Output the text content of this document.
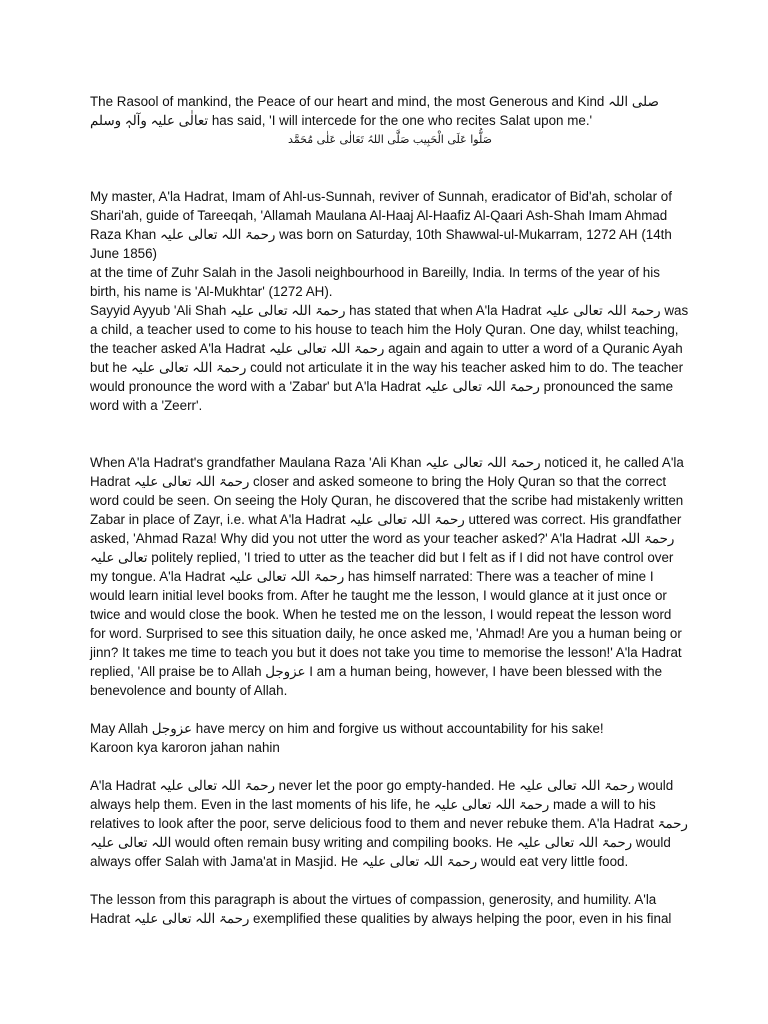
The Rasool of mankind, the Peace of our heart and mind, the most Generous and Kind صلی اللہ تعالٰی علیہ وآلہٖ وسلم has said, 'I will intercede for the one who recites Salat upon me.'

صَلُّوا عَلَی الْحَبِیب صَلَّی اللہُ تَعَالٰی عَلٰی مُحَمَّد

My master, A'la Hadrat, Imam of Ahl-us-Sunnah, reviver of Sunnah, eradicator of Bid'ah, scholar of Shari'ah, guide of Tareeqah, 'Allamah Maulana Al-Haaj Al-Haafiz Al-Qaari Ash-Shah Imam Ahmad Raza Khan رحمۃ اللہ تعالی علیہ was born on Saturday, 10th Shawwal-ul-Mukarram, 1272 AH (14th June 1856)

at the time of Zuhr Salah in the Jasoli neighbourhood in Bareilly, India. In terms of the year of his birth, his name is 'Al-Mukhtar' (1272 AH).

Sayyid Ayyub 'Ali Shah رحمۃ اللہ تعالی علیہ has stated that when A'la Hadrat رحمۃ اللہ تعالی علیہ was a child, a teacher used to come to his house to teach him the Holy Quran. One day, whilst teaching, the teacher asked A'la Hadrat رحمۃ اللہ تعالی علیہ again and again to utter a word of a Quranic Ayah but he رحمۃ اللہ تعالی علیہ could not articulate it in the way his teacher asked him to do. The teacher would pronounce the word with a 'Zabar' but A'la Hadrat رحمۃ اللہ تعالی علیہ pronounced the same word with a 'Zeerr'.

When A'la Hadrat's grandfather Maulana Raza 'Ali Khan رحمۃ اللہ تعالی علیہ noticed it, he called A'la Hadrat رحمۃ اللہ تعالی علیہ closer and asked someone to bring the Holy Quran so that the correct word could be seen. On seeing the Holy Quran, he discovered that the scribe had mistakenly written Zabar in place of Zayr, i.e. what A'la Hadrat رحمۃ اللہ تعالی علیہ uttered was correct. His grandfather asked, 'Ahmad Raza! Why did you not utter the word as your teacher asked?' A'la Hadrat رحمۃ اللہ تعالی علیہ politely replied, 'I tried to utter as the teacher did but I felt as if I did not have control over my tongue. A'la Hadrat رحمۃ اللہ تعالی علیہ has himself narrated: There was a teacher of mine I would learn initial level books from. After he taught me the lesson, I would glance at it just once or twice and would close the book. When he tested me on the lesson, I would repeat the lesson word for word. Surprised to see this situation daily, he once asked me, 'Ahmad! Are you a human being or jinn? It takes me time to teach you but it does not take you time to memorise the lesson!' A'la Hadrat replied, 'All praise be to Allah عزوجل I am a human being, however, I have been blessed with the benevolence and bounty of Allah.

May Allah عزوجل have mercy on him and forgive us without accountability for his sake!

Karoon kya karoron jahan nahin

A'la Hadrat رحمۃ اللہ تعالی علیہ never let the poor go empty-handed. He رحمۃ اللہ تعالی علیہ would always help them. Even in the last moments of his life, he رحمۃ اللہ تعالی علیہ made a will to his relatives to look after the poor, serve delicious food to them and never rebuke them. A'la Hadrat رحمۃ اللہ تعالی علیہ would often remain busy writing and compiling books. He رحمۃ اللہ تعالی علیہ would always offer Salah with Jama'at in Masjid. He رحمۃ اللہ تعالی علیہ would eat very little food.

The lesson from this paragraph is about the virtues of compassion, generosity, and humility. A'la Hadrat رحمۃ اللہ تعالی علیہ exemplified these qualities by always helping the poor, even in his final
